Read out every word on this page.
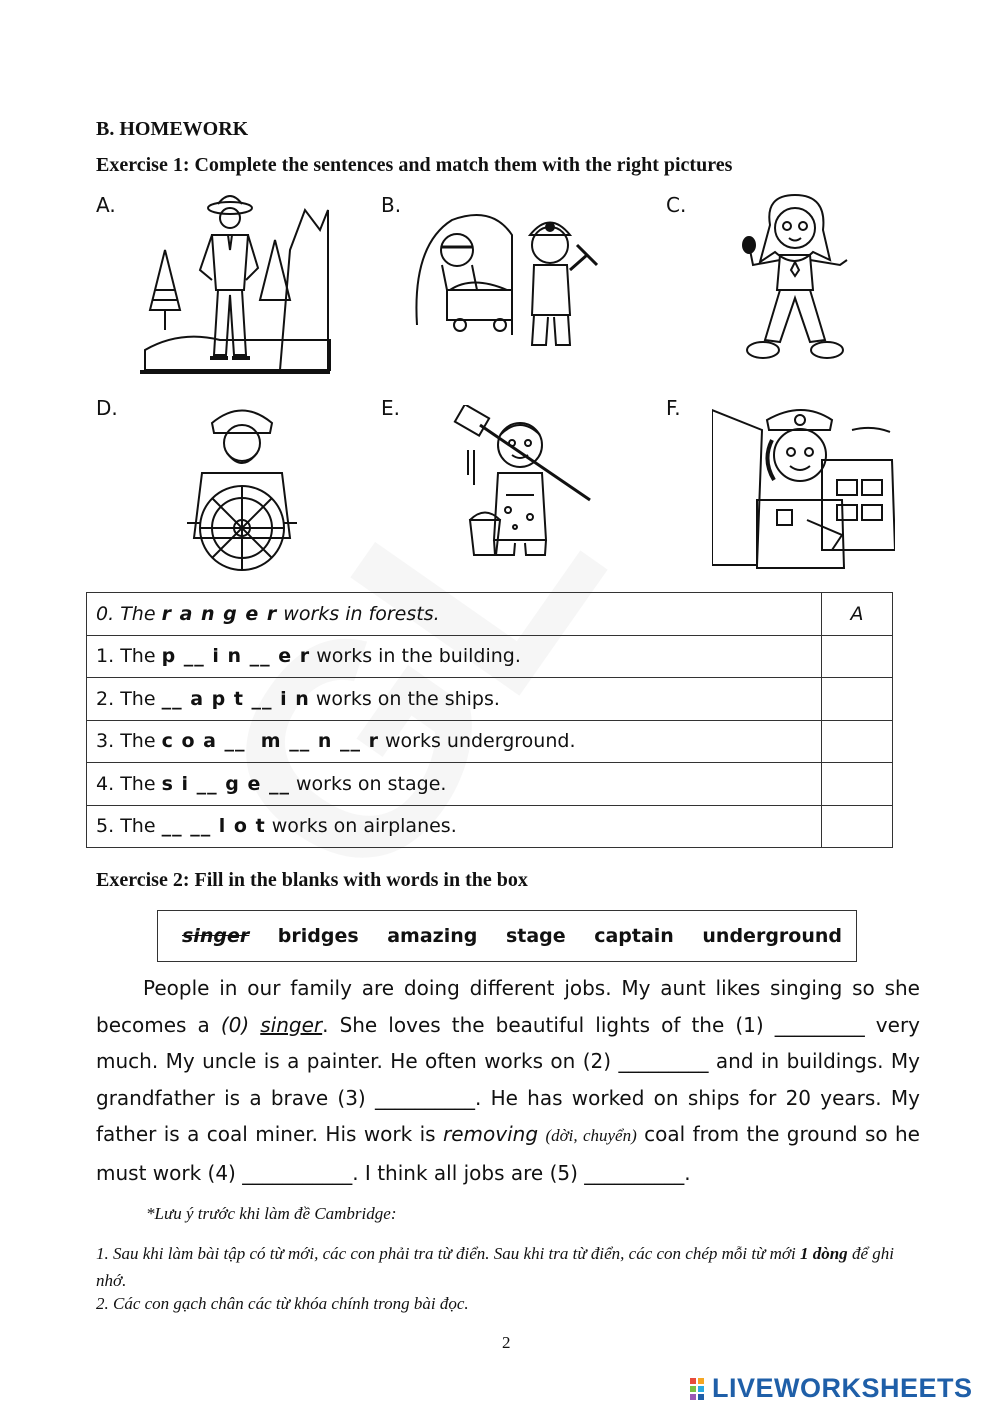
B. HOMEWORK
Exercise 1: Complete the sentences and match them with the right pictures
A.	B.	C.
D.	E.	F.
0. The r a n g e r works in forests.	A
1. The p __ i n __ e r works in the building.	
2. The __ a p t __ i n works on the ships.	
3. The c o a __  m __ n __ r works underground.	
4. The s i __ g e __ works on stage.	
5. The __ __ l o t works on airplanes.	
Exercise 2: Fill in the blanks with words in the box
singer bridges amazing stage captain underground

People in our family are doing different jobs. My aunt likes singing so she becomes a (0) singer. She loves the beautiful lights of the (1) _________ very much. My uncle is a painter. He often works on (2) _________ and in buildings. My grandfather is a brave (3) __________. He has worked on ships for 20 years. My father is a coal miner. His work is removing (dời, chuyển) coal from the ground so he must work (4) ___________. I think all jobs are (5) __________.

*Lưu ý trước khi làm đề Cambridge:
1. Sau khi làm bài tập có từ mới, các con phải tra từ điển. Sau khi tra từ điển, các con chép mỗi từ mới 1 dòng để ghi nhớ.
2. Các con gạch chân các từ khóa chính trong bài đọc.
2
LIVEWORKSHEETS
